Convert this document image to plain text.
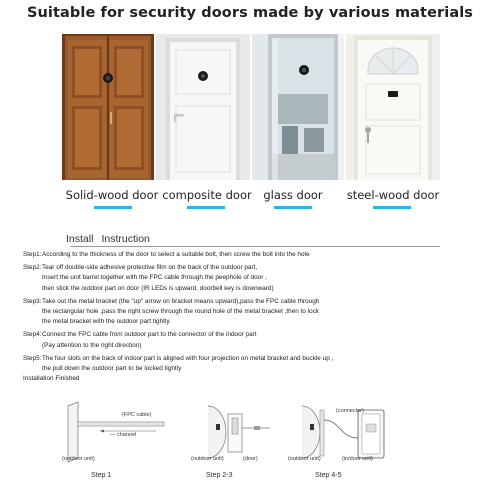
Suitable for security doors made by various materials
Solid-wood door composite door	glass door	steel-wood door
Install Instruction
Step1:According to the thickness of the door to select a suitable bolt, then screw the bolt into the hole
Step2:Tear off double-side adhesive protective film on the back of the outdoor part,
Insert the unit barrel together with the FPC cable through the peephole of door ,
then stick the outdoor part on door (IR LEDs is upward, doorbell key is downward)
Step3:Take out the metal bracket (the "up" arrow on bracket means upward),pass the FPC cable through
the rectangular hole ,pass the right screw through the round hole of the metal bracket ,then to lock
the metal bracket with the outdoor part tightly.
Step4:Connect the FPC cable from outdoor part to the connector of the indoor part
(Pay attention to the right direction)
Step5:The four slots on the back of indoor part is aligned with four projection on metal bracket and buckle up ,
the pull down the outdoor part to be locked tightly
Installation Finished
— channel
(FPC cable)
(outdoor unit)	(outdoor unit)	(door)
(connector)
(outdoor unit)	(in/door unit)
Step 1	Step 2-3	Step 4-5
